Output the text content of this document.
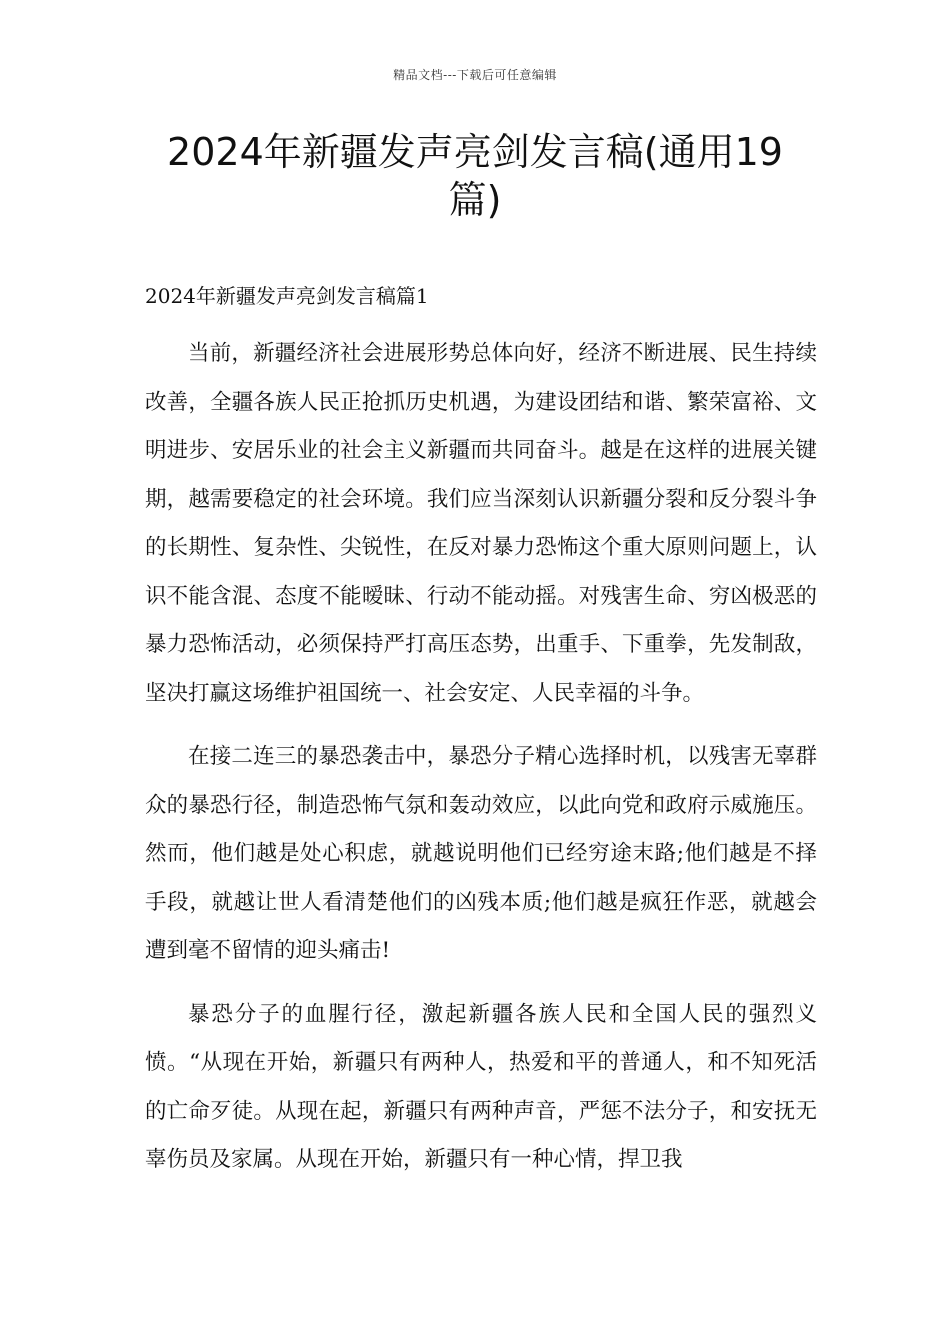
精品文档---下载后可任意编辑
2024年新疆发声亮剑发言稿(通用19篇)
2024年新疆发声亮剑发言稿篇1

当前，新疆经济社会进展形势总体向好，经济不断进展、民生持续改善，全疆各族人民正抢抓历史机遇，为建设团结和谐、繁荣富裕、文明进步、安居乐业的社会主义新疆而共同奋斗。越是在这样的进展关键期，越需要稳定的社会环境。我们应当深刻认识新疆分裂和反分裂斗争的长期性、复杂性、尖锐性，在反对暴力恐怖这个重大原则问题上，认识不能含混、态度不能暧昧、行动不能动摇。对残害生命、穷凶极恶的暴力恐怖活动，必须保持严打高压态势，出重手、下重拳，先发制敌，坚决打赢这场维护祖国统一、社会安定、人民幸福的斗争。

在接二连三的暴恐袭击中，暴恐分子精心选择时机，以残害无辜群众的暴恐行径，制造恐怖气氛和轰动效应，以此向党和政府示威施压。然而，他们越是处心积虑，就越说明他们已经穷途末路;他们越是不择手段，就越让世人看清楚他们的凶残本质;他们越是疯狂作恶，就越会遭到毫不留情的迎头痛击!

暴恐分子的血腥行径，激起新疆各族人民和全国人民的强烈义愤。“从现在开始，新疆只有两种人，热爱和平的普通人，和不知死活的亡命歹徒。从现在起，新疆只有两种声音，严惩不法分子，和安抚无辜伤员及家属。从现在开始，新疆只有一种心情，捍卫我
